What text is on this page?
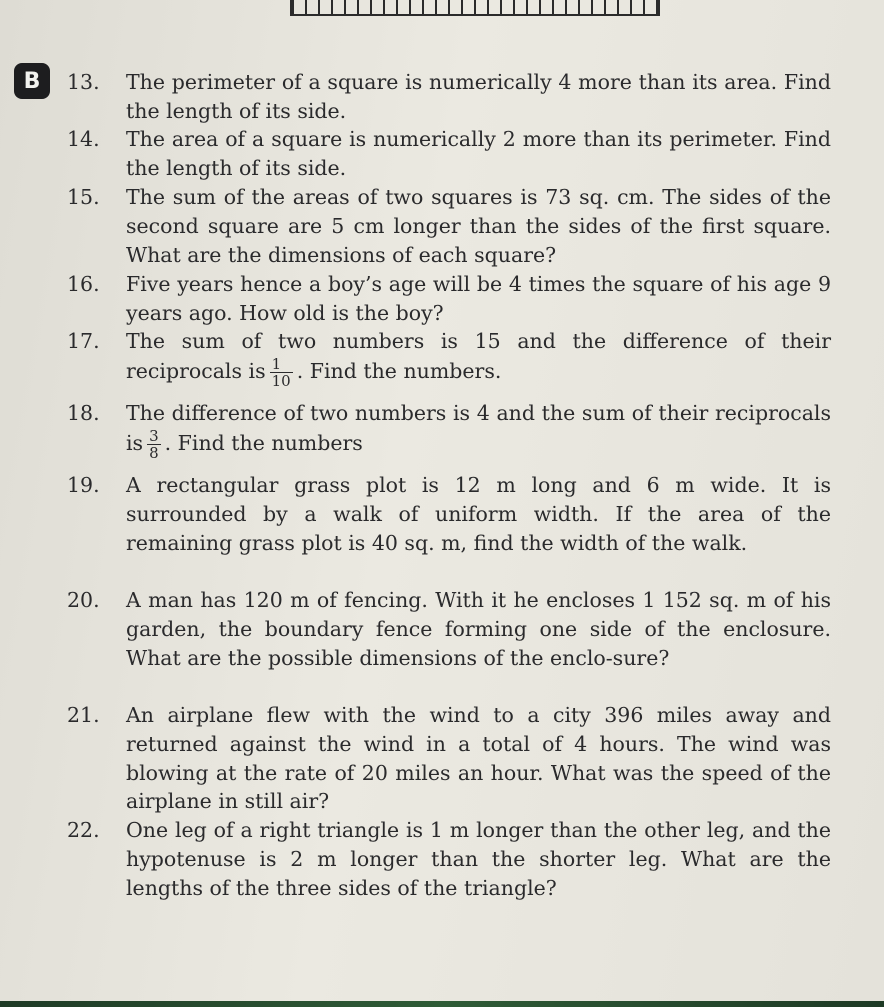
B	13.	The perimeter of a square is numerically 4 more than its area. Find the length of its side.
14.	The area of a square is numerically 2 more than its perimeter. Find the length of its side.
15.	The sum of the areas of two squares is 73 sq. cm. The sides of the second square are 5 cm longer than the sides of the first square. What are the dimensions of each square?
16.	Five years hence a boy’s age will be 4 times the square of his age 9 years ago. How old is the boy?
17.	The sum of two numbers is 15 and the difference of their reciprocals is $\frac{1}{10}$ . Find the numbers.
18.	The difference of two numbers is 4 and the sum of their reciprocals is $\frac{3}{8}$ . Find the numbers
19.	A rectangular grass plot is 12 m long and 6 m wide. It is surrounded by a walk of uniform width. If the area of the remaining grass plot is 40 sq. m, find the width of the walk.
20.	A man has 120 m of fencing. With it he encloses 1 152 sq. m of his garden, the boundary fence forming one side of the enclosure. What are the possible dimensions of the enclo-sure?
21.	An airplane flew with the wind to a city 396 miles away and returned against the wind in a total of 4 hours. The wind was blowing at the rate of 20 miles an hour. What was the speed of the airplane in still air?
22.	One leg of a right triangle is 1 m longer than the other leg, and the hypotenuse is 2 m longer than the shorter leg. What are the lengths of the three sides of the triangle?
